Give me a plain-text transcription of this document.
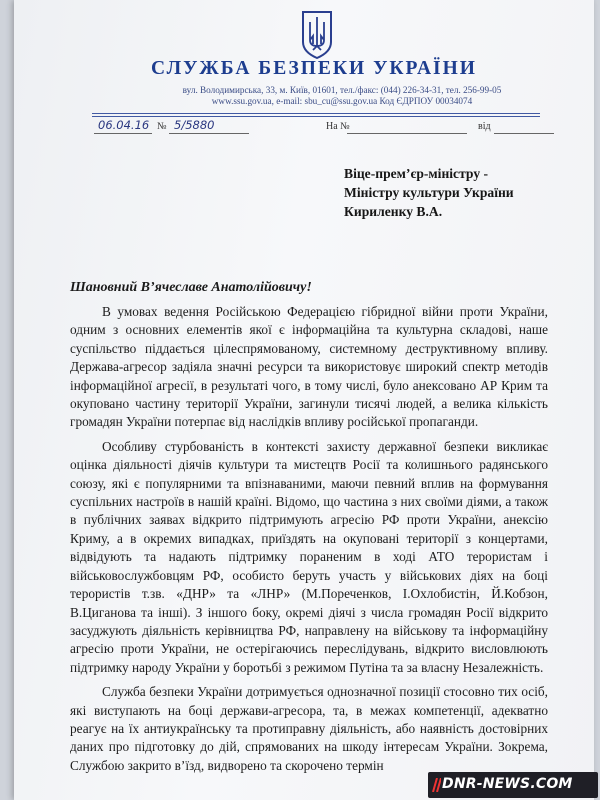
СЛУЖБА БЕЗПЕКИ УКРАЇНИ
вул. Володимирська, 33, м. Київ, 01601, тел./факс: (044) 226-34-31, тел. 256-99-05
www.ssu.gov.ua, e-mail: sbu_cu@ssu.gov.ua Код ЄДРПОУ 00034074
06.04.16 № 5/5880	На №	від
Віце-прем’єр-міністру -
Міністру культури України
Кириленку В.А.
Шановний В’ячеславе Анатолійовичу!

В умовах ведення Російською Федерацією гібридної війни проти України, одним з основних елементів якої є інформаційна та культурна складові, наше суспільство піддається цілеспрямованому, системному деструктивному впливу. Держава-агресор задіяла значні ресурси та використовує широкий спектр методів інформаційної агресії, в результаті чого, в тому числі, було анексовано АР Крим та окуповано частину території України, загинули тисячі людей, а велика кількість громадян України потерпає від наслідків впливу російської пропаганди.

Особливу стурбованість в контексті захисту державної безпеки викликає оцінка діяльності діячів культури та мистецтв Росії та колишнього радянського союзу, які є популярними та впізнаваними, маючи певний вплив на формування суспільних настроїв в нашій країні. Відомо, що частина з них своїми діями, а також в публічних заявах відкрито підтримують агресію РФ проти України, анексію Криму, а в окремих випадках, приїздять на окуповані території з концертами, відвідують та надають підтримку пораненим в ході АТО терористам і військовослужбовцям РФ, особисто беруть участь у військових діях на боці терористів т.зв. «ДНР» та «ЛНР» (М.Пореченков, І.Охлобистін, Й.Кобзон, В.Циганова та інші). З іншого боку, окремі діячі з числа громадян Росії відкрито засуджують діяльність керівництва РФ, направлену на військову та інформаційну агресію проти України, не остерігаючись переслідувань, відкрито висловлюють підтримку народу України у боротьбі з режимом Путіна та за власну Незалежність.

Служба безпеки України дотримується однозначної позиції стосовно тих осіб, які виступають на боці держави-агресора, та, в межах компетенції, адекватно реагує на їх антиукраїнську та протиправну діяльність, або наявність достовірних даних про підготовку до дій, спрямованих на шкоду інтересам України. Зокрема, Службою закрито в’їзд, видворено та скорочено термін

DNR-NEWS.COM
